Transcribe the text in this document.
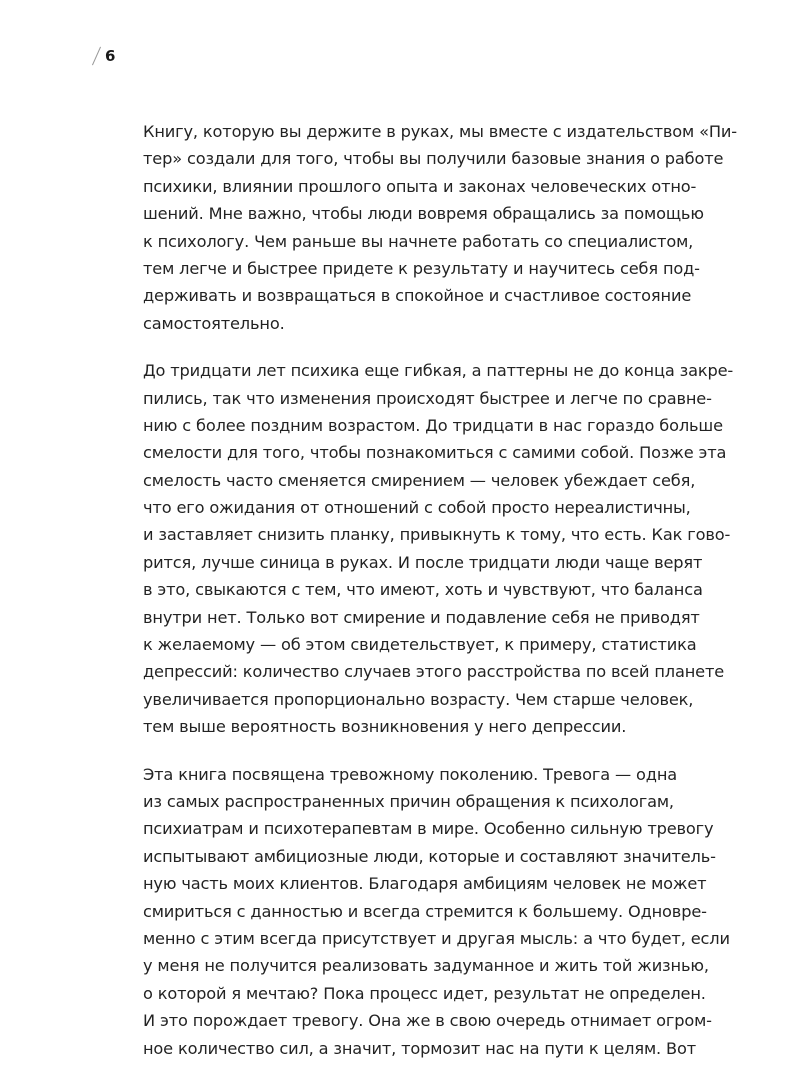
6

Книгу, которую вы держите в руках, мы вместе с издательством «Пи-
тер» создали для того, чтобы вы получили базовые знания о работе
психики, влиянии прошлого опыта и законах человеческих отно-
шений. Мне важно, чтобы люди вовремя обращались за помощью
к психологу. Чем раньше вы начнете работать со специалистом,
тем легче и быстрее придете к результату и научитесь себя под-
держивать и возвращаться в спокойное и счастливое состояние
самостоятельно.

До тридцати лет психика еще гибкая, а паттерны не до конца закре-
пились, так что изменения происходят быстрее и легче по сравне-
нию с более поздним возрастом. До тридцати в нас гораздо больше
смелости для того, чтобы познакомиться с самими собой. Позже эта
смелость часто сменяется смирением — человек убеждает себя,
что его ожидания от отношений с собой просто нереалистичны,
и заставляет снизить планку, привыкнуть к тому, что есть. Как гово-
рится, лучше синица в руках. И после тридцати люди чаще верят
в это, свыкаются с тем, что имеют, хоть и чувствуют, что баланса
внутри нет. Только вот смирение и подавление себя не приводят
к желаемому — об этом свидетельствует, к примеру, статистика
депрессий: количество случаев этого расстройства по всей планете
увеличивается пропорционально возрасту. Чем старше человек,
тем выше вероятность возникновения у него депрессии.

Эта книга посвящена тревожному поколению. Тревога — одна
из самых распространенных причин обращения к психологам,
психиатрам и психотерапевтам в мире. Особенно сильную тревогу
испытывают амбициозные люди, которые и составляют значитель-
ную часть моих клиентов. Благодаря амбициям человек не может
смириться с данностью и всегда стремится к большему. Одновре-
менно с этим всегда присутствует и другая мысль: а что будет, если
у меня не получится реализовать задуманное и жить той жизнью,
о которой я мечтаю? Пока процесс идет, результат не определен.
И это порождает тревогу. Она же в свою очередь отнимает огром-
ное количество сил, а значит, тормозит нас на пути к целям. Вот
